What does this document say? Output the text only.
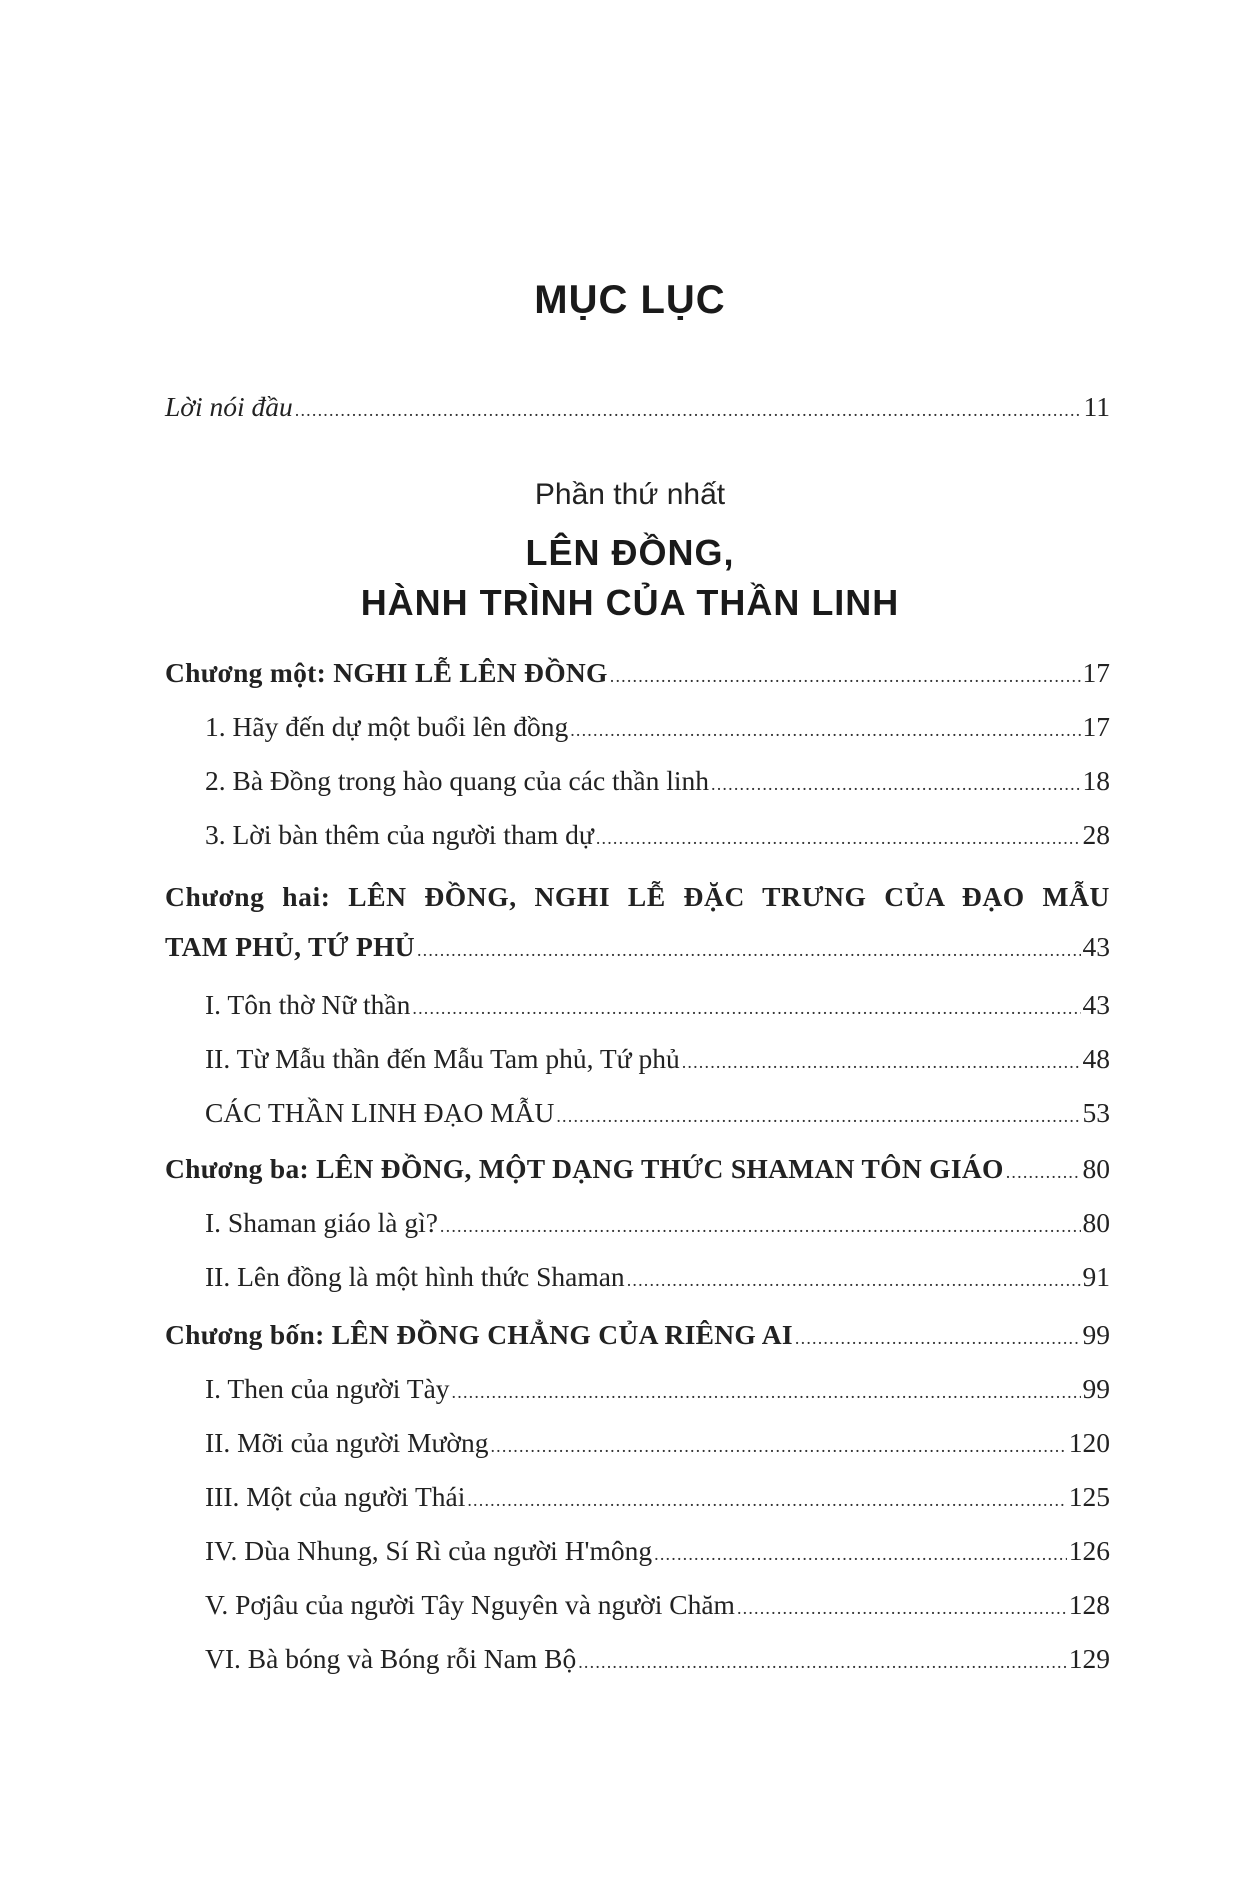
MỤC LỤC
Lời nói đầu .....	11
Phần thứ nhất
LÊN ĐỒNG,
HÀNH TRÌNH CỦA THẦN LINH
Chương một: NGHI LỄ LÊN ĐỒNG .....	17
1. Hãy đến dự một buổi lên đồng .....	17
2. Bà Đồng trong hào quang của các thần linh .....	18
3. Lời bàn thêm của người tham dự .....	28
Chương hai: LÊN ĐỒNG, NGHI LỄ ĐẶC TRƯNG CỦA ĐẠO MẪU
TAM PHỦ, TỨ PHỦ .....	43
I. Tôn thờ Nữ thần .....	43
II. Từ Mẫu thần đến Mẫu Tam phủ, Tứ phủ .....	48
CÁC THẦN LINH ĐẠO MẪU .....	53
Chương ba: LÊN ĐỒNG, MỘT DẠNG THỨC SHAMAN TÔN GIÁO .....	80
I. Shaman giáo là gì? .....	80
II. Lên đồng là một hình thức Shaman .....	91
Chương bốn: LÊN ĐỒNG CHẲNG CỦA RIÊNG AI .....	99
I. Then của người Tày .....	99
II. Mỡi của người Mường .....	120
III. Một của người Thái .....	125
IV. Dùa Nhung, Sí Rì của người H'mông .....	126
V. Pơjâu của người Tây Nguyên và người Chăm .....	128
VI. Bà bóng và Bóng rỗi Nam Bộ .....	129
